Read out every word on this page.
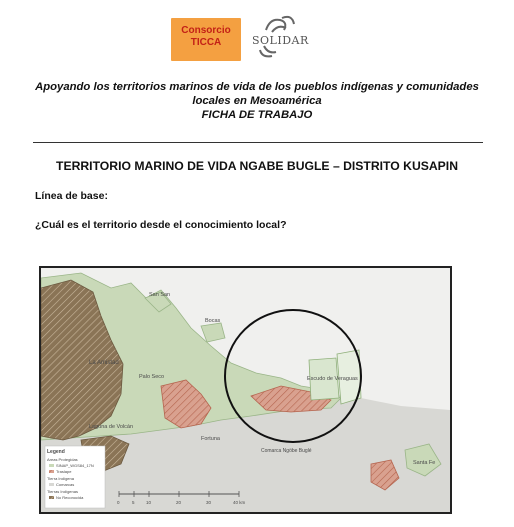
Consorcio
TICCA	SOLIDAR
Apoyando los territorios marinos de vida de los pueblos indígenas y comunidades
locales en Mesoamérica
FICHA DE TRABAJO
TERRITORIO MARINO DE VIDA NGABE BUGLE – DISTRITO KUSAPIN
Línea de base:
¿Cuál es el territorio desde el conocimiento local?
San San
Bocas
La Amistad
Palo Seco
Laguna de Volcán
Fortuna
Escudo de Veraguas
Comarca Ngöbe Buglé
Santa Fe
Legend
Areas Protegidas
SINAP_WGS84_17N
Traslape
Tierra Indígena
Comarcas
Tierras Indígenas
No Reconocida
0	5	10	20	30	40 km
